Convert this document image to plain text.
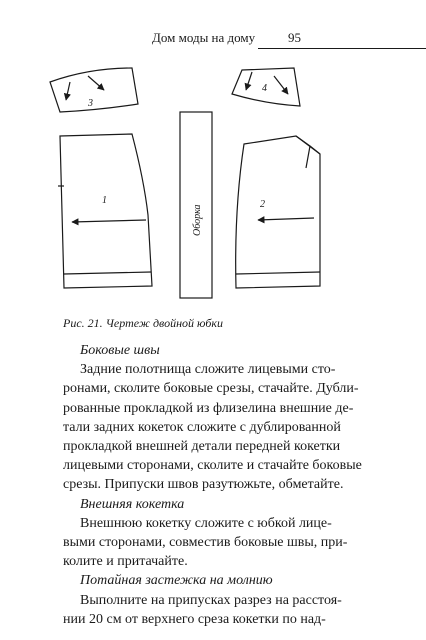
Дом моды на дому	95
3
4
1
Оборка	2
Рис. 21. Чертеж двойной юбки
Боковые швы
Задние полотнища сложите лицевыми сто-
ронами, сколите боковые срезы, стачайте. Дубли-
рованные прокладкой из флизелина внешние де-
тали задних кокеток сложите с дублированной
прокладкой внешней детали передней кокетки
лицевыми сторонами, сколите и стачайте боковые
срезы. Припуски швов разутюжьте, обметайте.
Внешняя кокетка
Внешнюю кокетку сложите с юбкой лице-
выми сторонами, совместив боковые швы, при-
колите и притачайте.
Потайная застежка на молнию
Выполните на припусках разрез на расстоя-
нии 20 см от верхнего среза кокетки по над-
